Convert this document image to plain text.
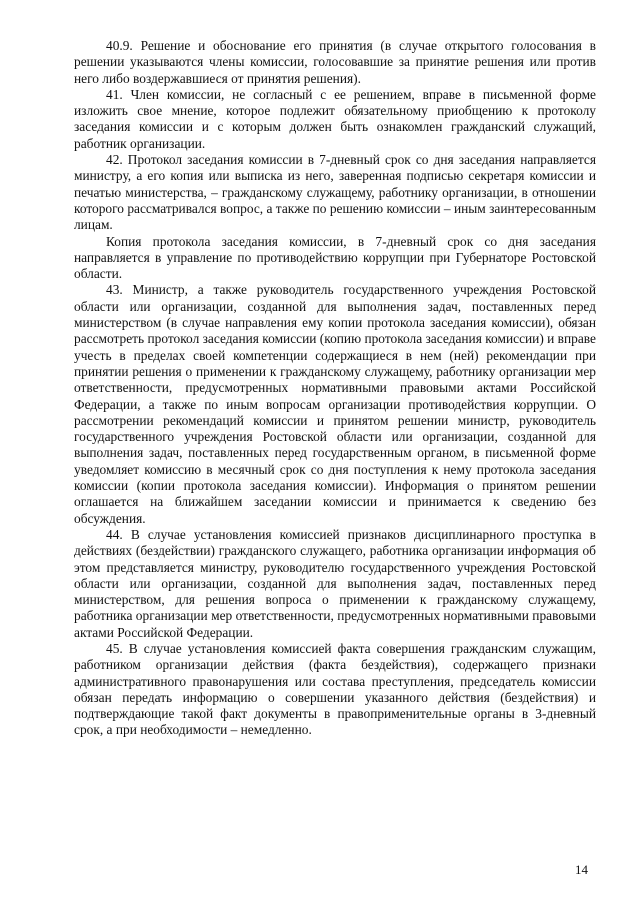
40.9. Решение и обоснование его принятия (в случае открытого голосования в решении указываются члены комиссии, голосовавшие за принятие решения или против него либо воздержавшиеся от принятия решения).

41. Член комиссии, не согласный с ее решением, вправе в письменной форме изложить свое мнение, которое подлежит обязательному приобщению к протоколу заседания комиссии и с которым должен быть ознакомлен гражданский служащий, работник организации.

42. Протокол заседания комиссии в 7-дневный срок со дня заседания направляется министру, а его копия или выписка из него, заверенная подписью секретаря комиссии и печатью министерства, – гражданскому служащему, работнику организации, в отношении которого рассматривался вопрос, а также по решению комиссии – иным заинтересованным лицам.

Копия протокола заседания комиссии, в 7-дневный срок со дня заседания направляется в управление по противодействию коррупции при Губернаторе Ростовской области.

43. Министр, а также руководитель государственного учреждения Ростовской области или организации, созданной для выполнения задач, поставленных перед министерством (в случае направления ему копии протокола заседания комиссии), обязан рассмотреть протокол заседания комиссии (копию протокола заседания комиссии) и вправе учесть в пределах своей компетенции содержащиеся в нем (ней) рекомендации при принятии решения о применении к гражданскому служащему, работнику организации мер ответственности, предусмотренных нормативными правовыми актами Российской Федерации, а также по иным вопросам организации противодействия коррупции. О рассмотрении рекомендаций комиссии и принятом решении министр, руководитель государственного учреждения Ростовской области или организации, созданной для выполнения задач, поставленных перед государственным органом, в письменной форме уведомляет комиссию в месячный срок со дня поступления к нему протокола заседания комиссии (копии протокола заседания комиссии). Информация о принятом решении оглашается на ближайшем заседании комиссии и принимается к сведению без обсуждения.

44. В случае установления комиссией признаков дисциплинарного проступка в действиях (бездействии) гражданского служащего, работника организации информация об этом представляется министру, руководителю государственного учреждения Ростовской области или организации, созданной для выполнения задач, поставленных перед министерством, для решения вопроса о применении к гражданскому служащему, работника организации мер ответственности, предусмотренных нормативными правовыми актами Российской Федерации.

45. В случае установления комиссией факта совершения гражданским служащим, работником организации действия (факта бездействия), содержащего признаки административного правонарушения или состава преступления, председатель комиссии обязан передать информацию о совершении указанного действия (бездействия) и подтверждающие такой факт документы в правоприменительные органы в 3-дневный срок, а при необходимости – немедленно.

14
